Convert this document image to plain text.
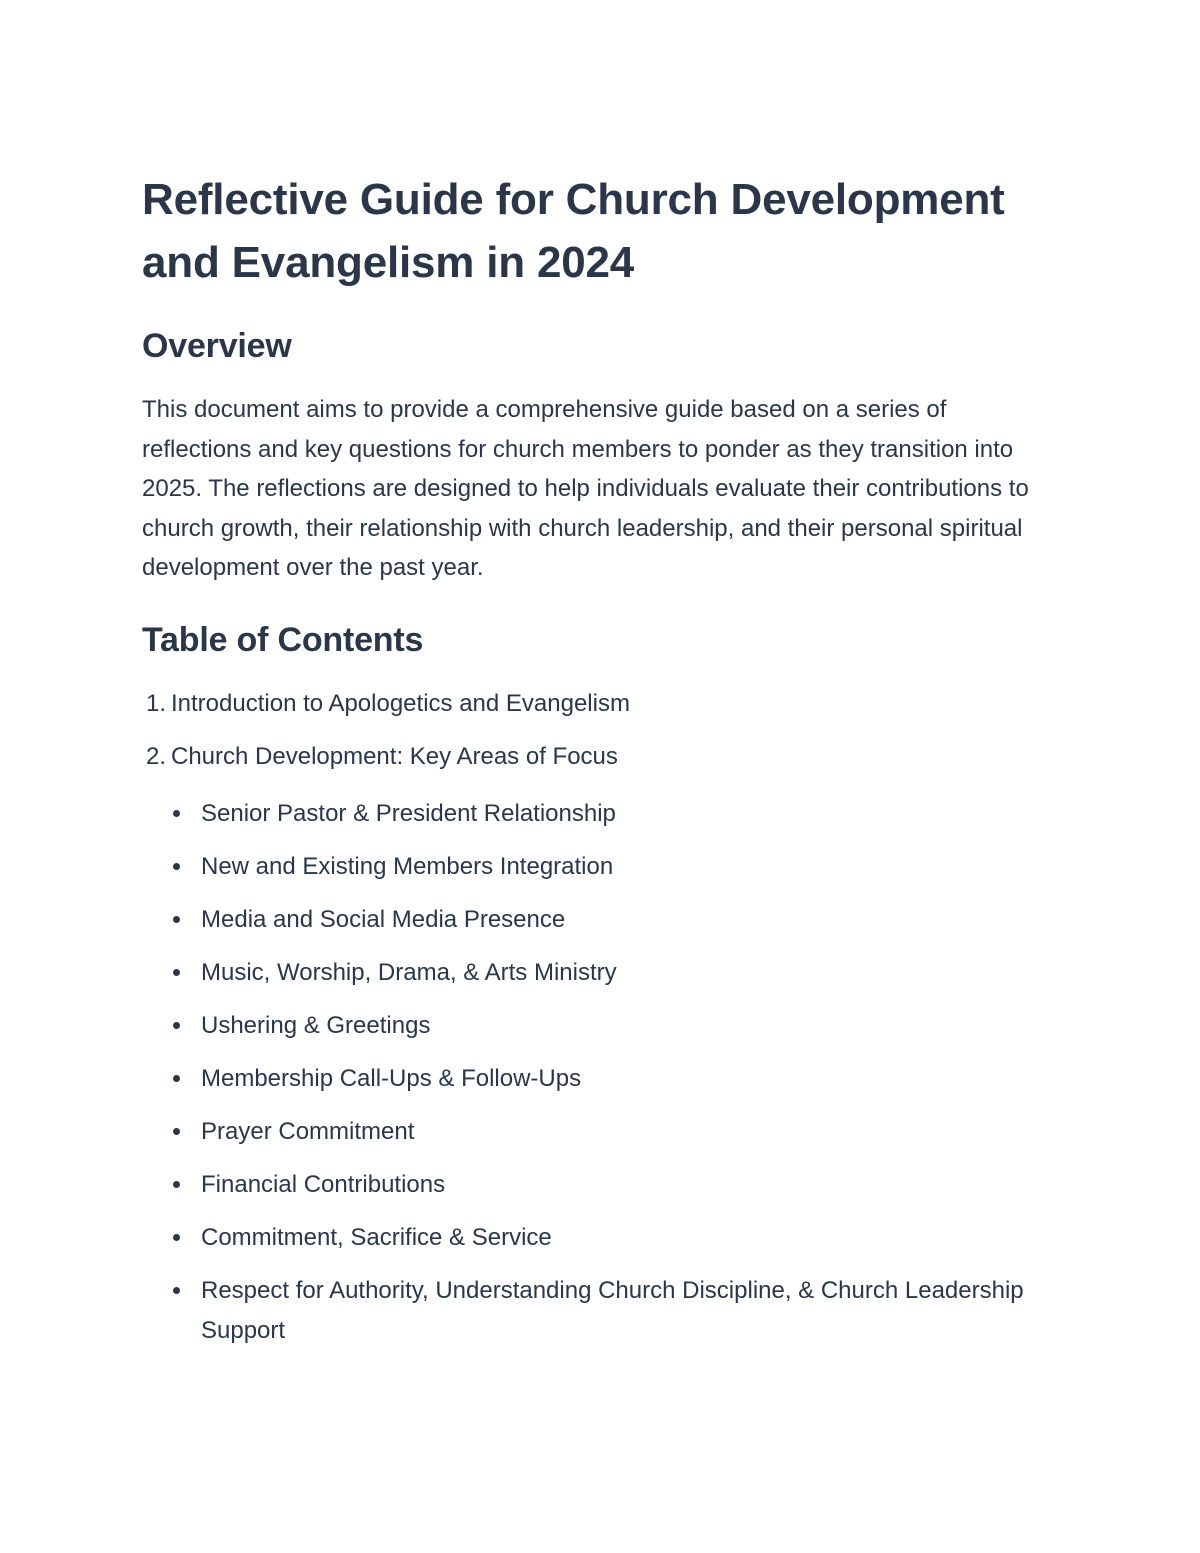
Reflective Guide for Church Development and Evangelism in 2024
Overview

This document aims to provide a comprehensive guide based on a series of reflections and key questions for church members to ponder as they transition into 2025. The reflections are designed to help individuals evaluate their contributions to church growth, their relationship with church leadership, and their personal spiritual development over the past year.

Table of Contents
1. Introduction to Apologetics and Evangelism
2. Church Development: Key Areas of Focus
Senior Pastor & President Relationship
New and Existing Members Integration
Media and Social Media Presence
Music, Worship, Drama, & Arts Ministry
Ushering & Greetings
Membership Call-Ups & Follow-Ups
Prayer Commitment
Financial Contributions
Commitment, Sacrifice & Service
Respect for Authority, Understanding Church Discipline, & Church Leadership Support
